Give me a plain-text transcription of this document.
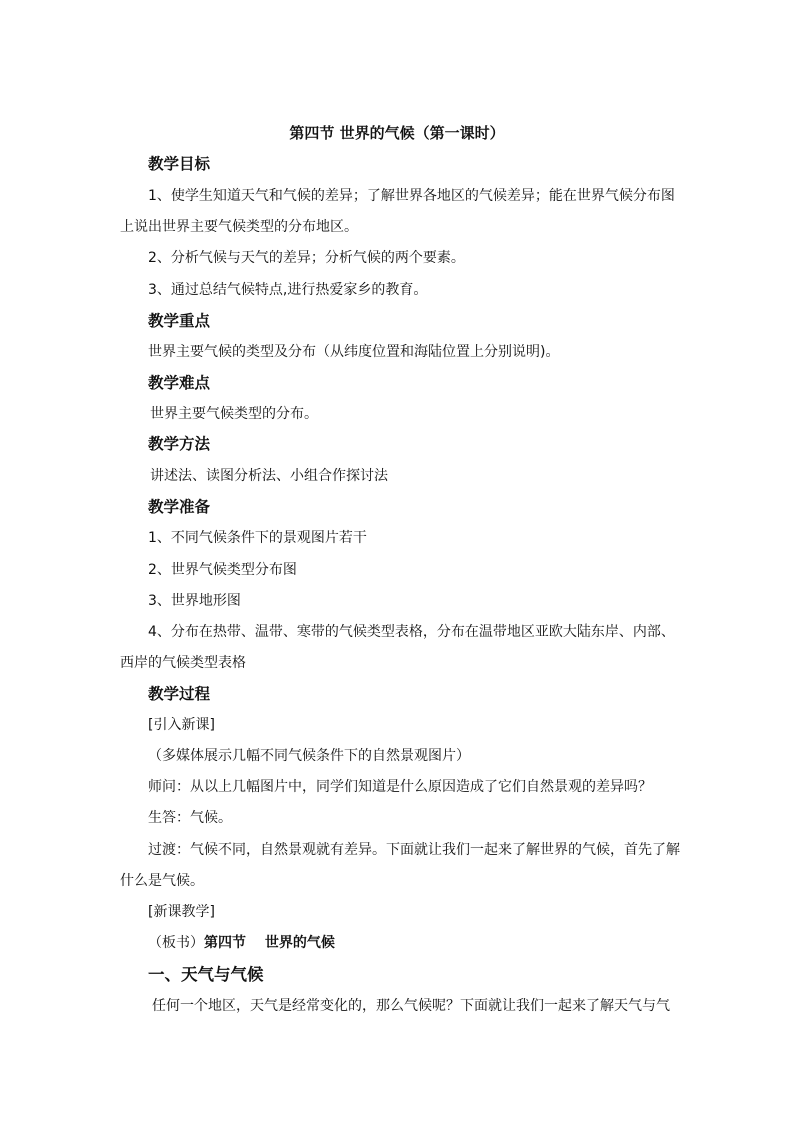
第四节 世界的气候（第一课时）
教学目标
1、使学生知道天气和气候的差异；了解世界各地区的气候差异；能在世界气候分布图
上说出世界主要气候类型的分布地区。
2、分析气候与天气的差异；分析气候的两个要素。
3、通过总结气候特点,进行热爱家乡的教育。
教学重点
世界主要气候的类型及分布（从纬度位置和海陆位置上分别说明)。
教学难点
世界主要气候类型的分布。
教学方法
讲述法、读图分析法、小组合作探讨法
教学准备
1、不同气候条件下的景观图片若干
2、世界气候类型分布图
3、世界地形图
4、分布在热带、温带、寒带的气候类型表格，分布在温带地区亚欧大陆东岸、内部、
西岸的气候类型表格
教学过程
[引入新课]
（多媒体展示几幅不同气候条件下的自然景观图片）
师问：从以上几幅图片中，同学们知道是什么原因造成了它们自然景观的差异吗？
生答：气候。
过渡：气候不同，自然景观就有差异。下面就让我们一起来了解世界的气候，首先了解
什么是气候。
[新课教学]
（板书）第四节　 世界的气候
一、天气与气候
任何一个地区，天气是经常变化的，那么气候呢？下面就让我们一起来了解天气与气
